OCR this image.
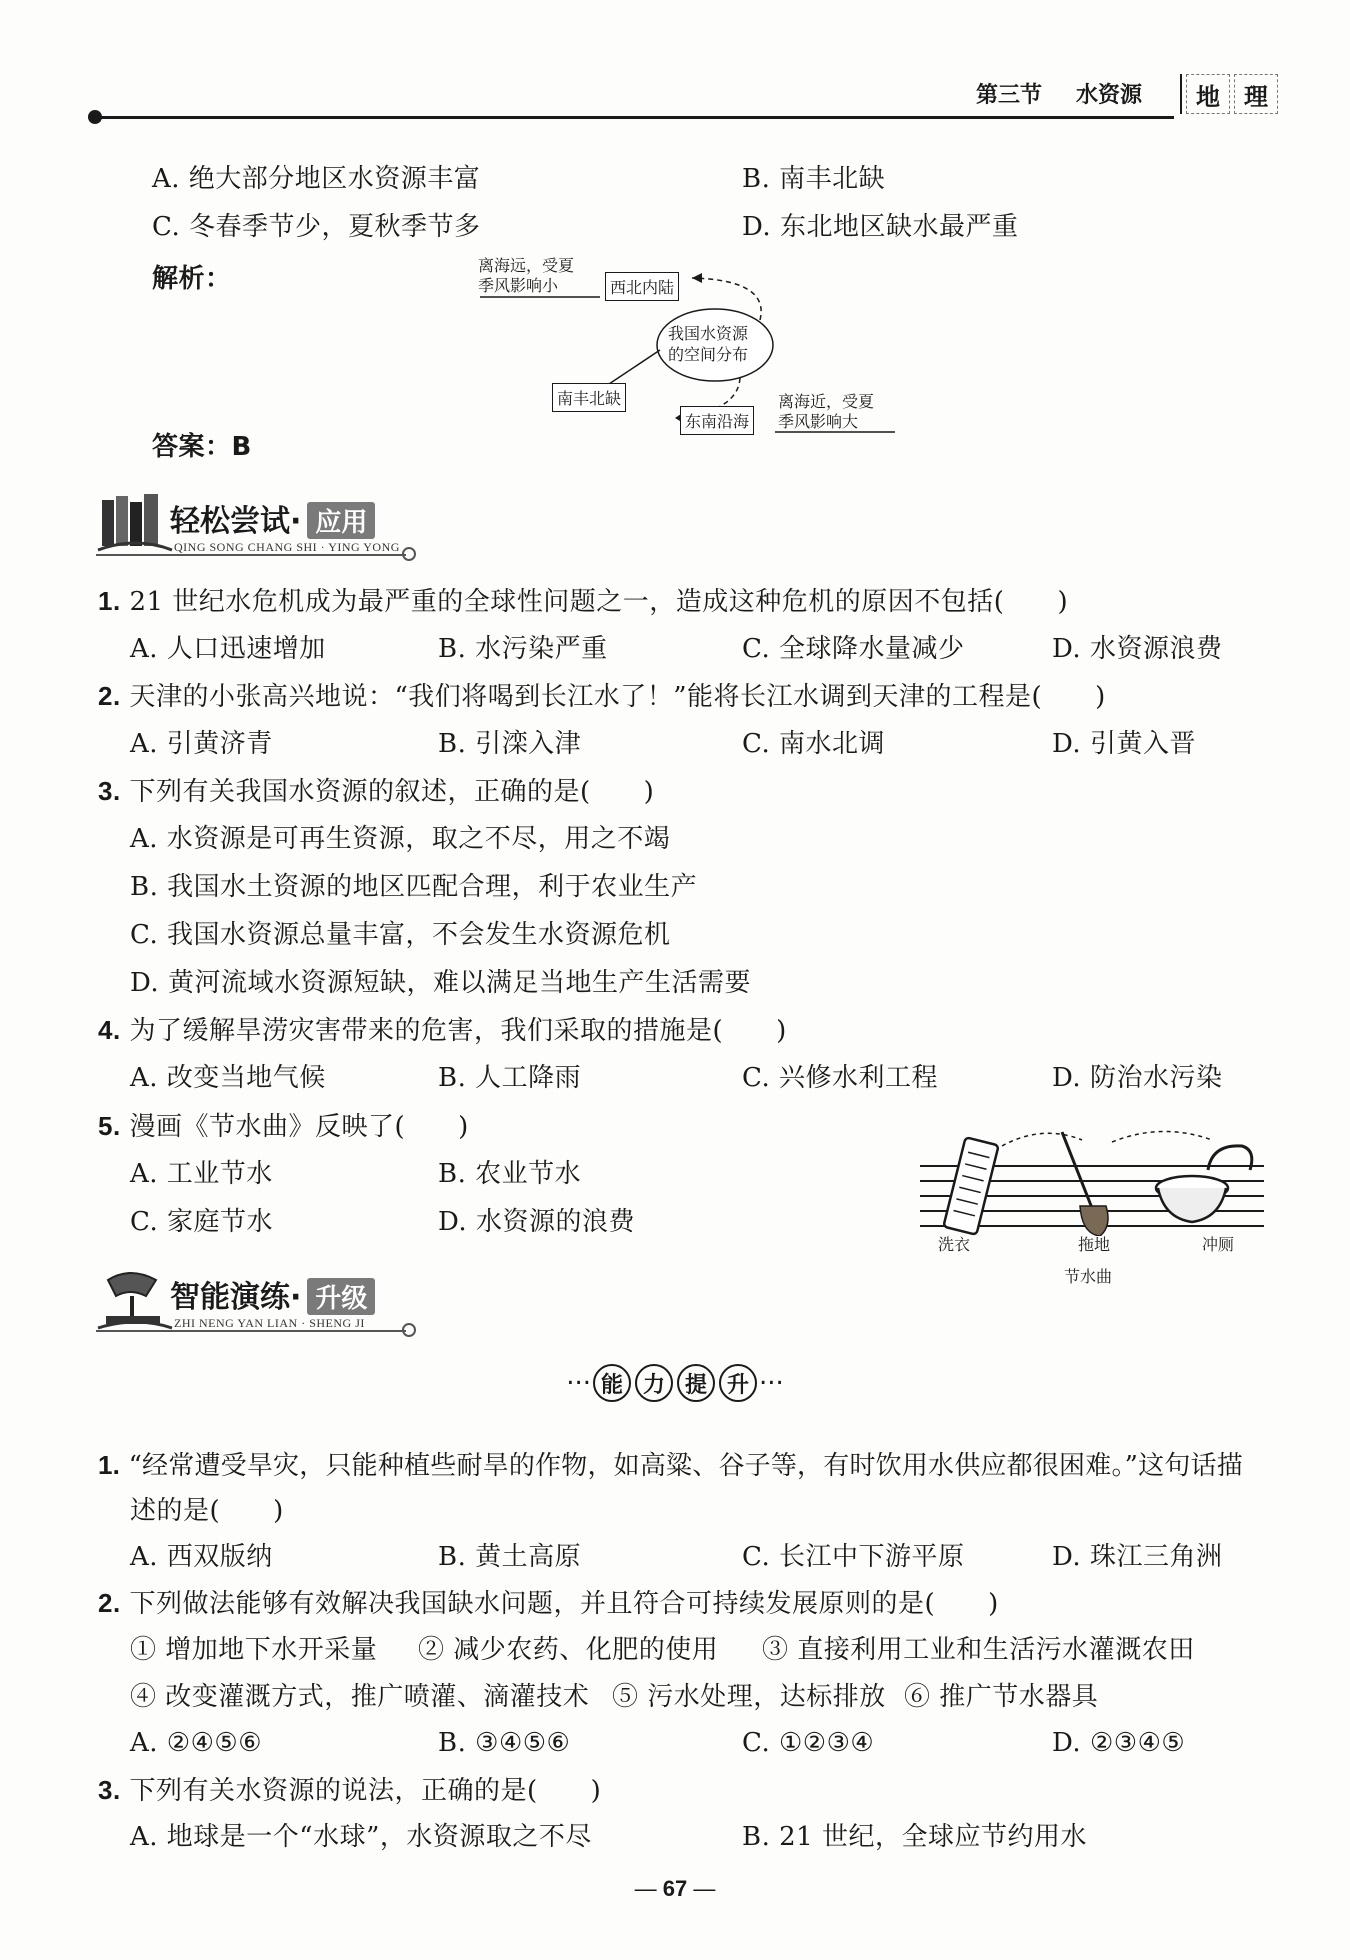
第三节 水资源	地	理
A. 绝大部分地区水资源丰富	B. 南丰北缺
C. 冬春季节少，夏秋季节多	D. 东北地区缺水最严重
解析：
我国水资源
的空间分布
西北内陆
离海远，受夏
季风影响小
南丰北缺
东南沿海
离海近，受夏
季风影响大
答案：B
轻松尝试· 应用
QING SONG CHANG SHI · YING YONG
1. 21 世纪水危机成为最严重的全球性问题之一，造成这种危机的原因不包括(　　)
A. 人口迅速增加	B. 水污染严重	C. 全球降水量减少	D. 水资源浪费
2. 天津的小张高兴地说：“我们将喝到长江水了！”能将长江水调到天津的工程是(　　)
A. 引黄济青	B. 引滦入津	C. 南水北调	D. 引黄入晋
3. 下列有关我国水资源的叙述，正确的是(　　)
A. 水资源是可再生资源，取之不尽，用之不竭
B. 我国水土资源的地区匹配合理，利于农业生产
C. 我国水资源总量丰富，不会发生水资源危机
D. 黄河流域水资源短缺，难以满足当地生产生活需要
4. 为了缓解旱涝灾害带来的危害，我们采取的措施是(　　)
A. 改变当地气候	B. 人工降雨	C. 兴修水利工程	D. 防治水污染
5. 漫画《节水曲》反映了(　　)
A. 工业节水	B. 农业节水
C. 家庭节水	D. 水资源的浪费
洗衣	拖地	冲厕
节水曲
智能演练· 升级
ZHI NENG YAN LIAN · SHENG JI
··· 能 力 提 升 ···
1. “经常遭受旱灾，只能种植些耐旱的作物，如高粱、谷子等，有时饮用水供应都很困难。”这句话描
述的是(　　)
A. 西双版纳	B. 黄土高原	C. 长江中下游平原	D. 珠江三角洲
2. 下列做法能够有效解决我国缺水问题，并且符合可持续发展原则的是(　　)
① 增加地下水开采量 ② 减少农药、化肥的使用 ③ 直接利用工业和生活污水灌溉农田
④ 改变灌溉方式，推广喷灌、滴灌技术 ⑤ 污水处理，达标排放 ⑥ 推广节水器具
A. ②④⑤⑥	B. ③④⑤⑥	C. ①②③④	D. ②③④⑤
3. 下列有关水资源的说法，正确的是(　　)
A. 地球是一个“水球”，水资源取之不尽	B. 21 世纪，全球应节约用水
— 67 —
